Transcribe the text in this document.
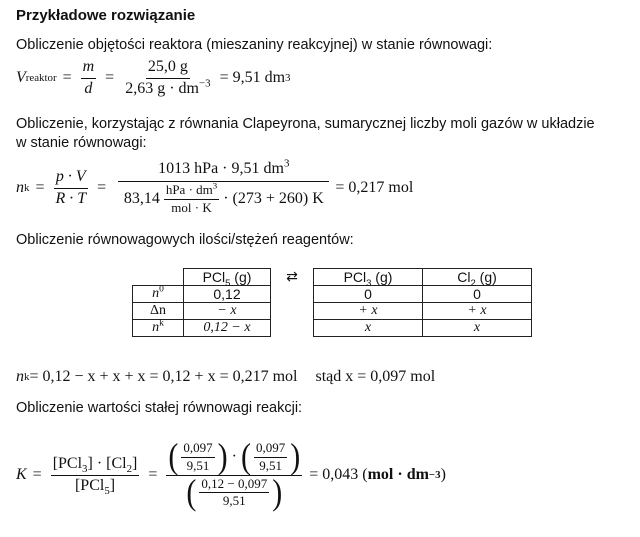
Przykładowe rozwiązanie
Obliczenie objętości reaktora (mieszaniny reakcyjnej) w stanie równowagi:
V reaktor = $\frac{m}{d} = \frac{25,0 g}{2,63 g \cdot dm^{-3}} = 9,51$ dm 3
Obliczenie, korzystając z równania Clapeyrona, sumarycznej liczby moli gazów w układzie
w stanie równowagi:
n $k = \frac{p \cdot V}{R \cdot T}$ =
1013 hPa · 9,51 $dm^3$
$83,14 \frac{hPa \cdot dm^3}{\text{mol · K}} \cdot (273 + 260)$ K
= 0,217 mol
Obliczenie równowagowych ilości/stężeń reagentów:
	PCl$_5$ (g)	⇄	PCl$_3$ (g)	$Cl_2$ (g)
$n^0$	0,12		0	0
Δn	− x		+ x	+ x
$n^k$	0,12 − x		x	x
n k = 0,12 − x + x + x = 0,12 + x = 0,217 mol stąd x = 0,097 mol
Obliczenie wartości stałej równowagi reakcji:
$K = \frac{[PCl_3] \cdot [Cl_2]}{[PCl_5]}$ = ( $\frac{0,097}{9,51}$ ) · ( $\frac{0,097}{9,51}$ )
( $\frac{0,12 - 0,097}{9,51}$ ) = 0,043 ( mol · dm −3 )
